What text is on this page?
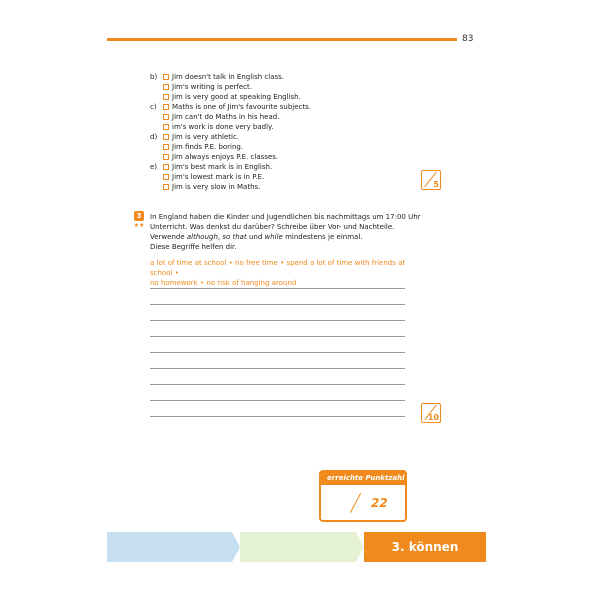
83
b)	Jim doesn't talk in English class.
Jim's writing is perfect.
Jim is very good at speaking English.
c)	Maths is one of Jim's favourite subjects.
Jim can't do Maths in his head.
im's work is done very badly.
d)	Jim is very athletic.
Jim finds P.E. boring.
Jim always enjoys P.E. classes.
e)	Jim's best mark is in English.
Jim's lowest mark is in P.E.
Jim is very slow in Maths.	5
3
★★
In England haben die Kinder und Jugendlichen bis nachmittags um 17:00 Uhr
Unterricht. Was denkst du darüber? Schreibe über Vor- und Nachteile.
Verwende although, so that und while mindestens je einmal.
Diese Begriffe helfen dir.
a lot of time at school • no free time • spend a lot of time with friends at school •
no homework • no risk of hanging around
10
erreichte Punktzahl
22
3. können
